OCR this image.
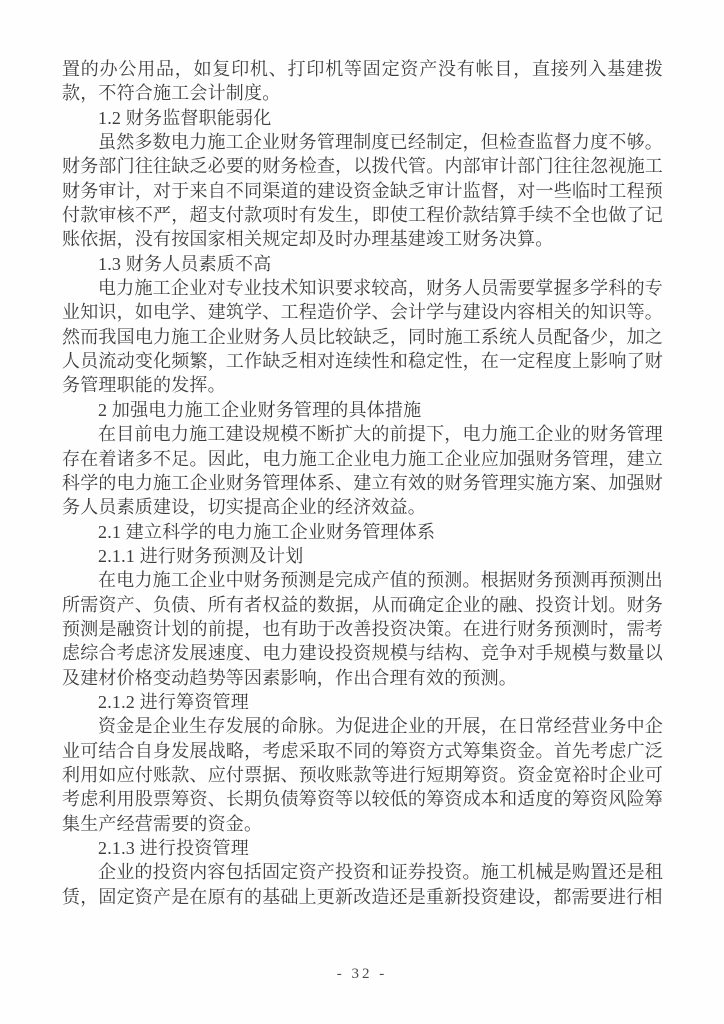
置的办公用品，如复印机、打印机等固定资产没有帐目，直接列入基建拨款，不符合施工会计制度。

1.2 财务监督职能弱化

虽然多数电力施工企业财务管理制度已经制定，但检查监督力度不够。财务部门往往缺乏必要的财务检查，以拨代管。内部审计部门往往忽视施工财务审计，对于来自不同渠道的建设资金缺乏审计监督，对一些临时工程预付款审核不严，超支付款项时有发生，即使工程价款结算手续不全也做了记账依据，没有按国家相关规定却及时办理基建竣工财务决算。

1.3 财务人员素质不高

电力施工企业对专业技术知识要求较高，财务人员需要掌握多学科的专业知识，如电学、建筑学、工程造价学、会计学与建设内容相关的知识等。然而我国电力施工企业财务人员比较缺乏，同时施工系统人员配备少，加之人员流动变化频繁，工作缺乏相对连续性和稳定性，在一定程度上影响了财务管理职能的发挥。

2 加强电力施工企业财务管理的具体措施

在目前电力施工建设规模不断扩大的前提下，电力施工企业的财务管理存在着诸多不足。因此，电力施工企业电力施工企业应加强财务管理，建立科学的电力施工企业财务管理体系、建立有效的财务管理实施方案、加强财务人员素质建设，切实提高企业的经济效益。

2.1 建立科学的电力施工企业财务管理体系

2.1.1 进行财务预测及计划

在电力施工企业中财务预测是完成产值的预测。根据财务预测再预测出所需资产、负债、所有者权益的数据，从而确定企业的融、投资计划。财务预测是融资计划的前提，也有助于改善投资决策。在进行财务预测时，需考虑综合考虑济发展速度、电力建设投资规模与结构、竞争对手规模与数量以及建材价格变动趋势等因素影响，作出合理有效的预测。

2.1.2 进行筹资管理

资金是企业生存发展的命脉。为促进企业的开展，在日常经营业务中企业可结合自身发展战略，考虑采取不同的筹资方式筹集资金。首先考虑广泛利用如应付账款、应付票据、预收账款等进行短期筹资。资金宽裕时企业可考虑利用股票筹资、长期负债筹资等以较低的筹资成本和适度的筹资风险筹集生产经营需要的资金。

2.1.3 进行投资管理

企业的投资内容包括固定资产投资和证券投资。施工机械是购置还是租赁，固定资产是在原有的基础上更新改造还是重新投资建设，都需要进行相

- 32 -
